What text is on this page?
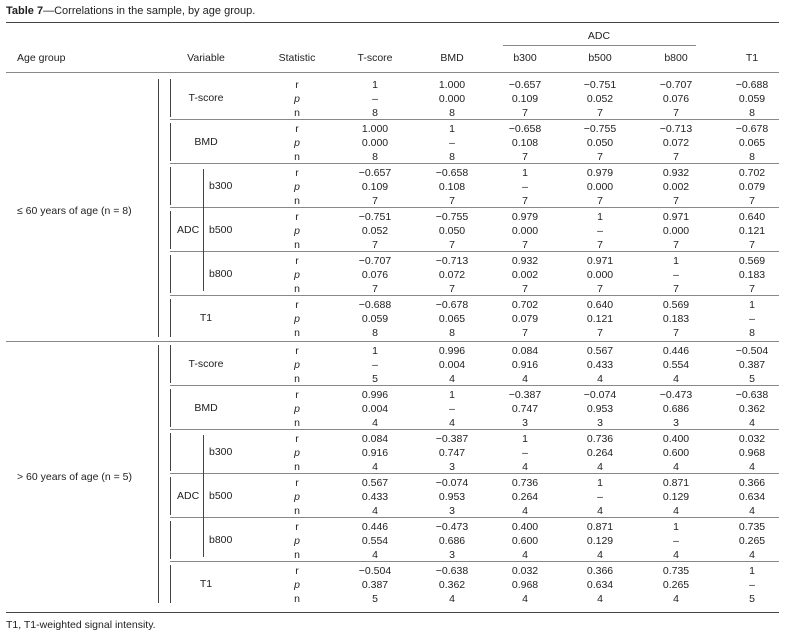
Table 7—Correlations in the sample, by age group.
Age group	Variable	Statistic
ADC
T-score	BMD	b300	b500	b800	T1
≤ 60 years of age (n = 8)
T-score
r	1	1.000	−0.657	−0.751	−0.707	−0.688
p	–	0.000	0.109	0.052	0.076	0.059
n	8	8	7	7	7	8
BMD
r	1.000	1	−0.658	−0.755	−0.713	−0.678
p	0.000	–	0.108	0.050	0.072	0.065
n	8	8	7	7	7	8
b300
r	−0.657	−0.658	1	0.979	0.932	0.702
p	0.109	0.108	–	0.000	0.002	0.079
n	7	7	7	7	7	7
b500
r	−0.751	−0.755	0.979	1	0.971	0.640
p	0.052	0.050	0.000	–	0.000	0.121
n	7	7	7	7	7	7
b800
r	−0.707	−0.713	0.932	0.971	1	0.569
p	0.076	0.072	0.002	0.000	–	0.183
n	7	7	7	7	7	7
T1
r	−0.688	−0.678	0.702	0.640	0.569	1
p	0.059	0.065	0.079	0.121	0.183	–
n	8	8	7	7	7	8
ADC
> 60 years of age (n = 5)
T-score
r	1	0.996	0.084	0.567	0.446	−0.504
p	–	0.004	0.916	0.433	0.554	0.387
n	5	4	4	4	4	5
BMD
r	0.996	1	−0.387	−0.074	−0.473	−0.638
p	0.004	–	0.747	0.953	0.686	0.362
n	4	4	3	3	3	4
b300
r	0.084	−0.387	1	0.736	0.400	0.032
p	0.916	0.747	–	0.264	0.600	0.968
n	4	3	4	4	4	4
b500
r	0.567	−0.074	0.736	1	0.871	0.366
p	0.433	0.953	0.264	–	0.129	0.634
n	4	3	4	4	4	4
b800
r	0.446	−0.473	0.400	0.871	1	0.735
p	0.554	0.686	0.600	0.129	–	0.265
n	4	3	4	4	4	4
T1
r	−0.504	−0.638	0.032	0.366	0.735	1
p	0.387	0.362	0.968	0.634	0.265	–
n	5	4	4	4	4	5
ADC
T1, T1-weighted signal intensity.
